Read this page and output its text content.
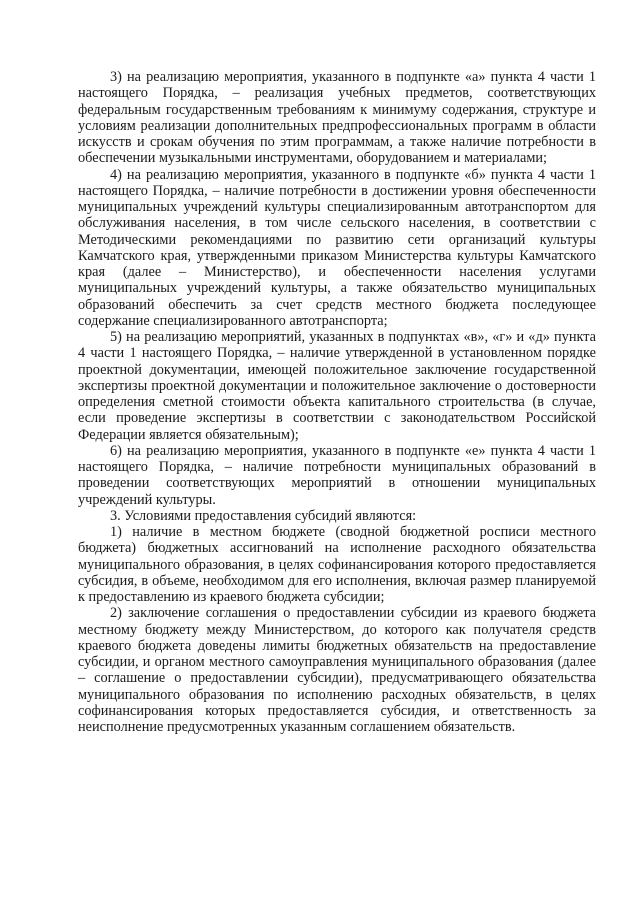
3) на реализацию мероприятия, указанного в подпункте «а» пункта 4 части 1 настоящего Порядка, – реализация учебных предметов, соответствующих федеральным государственным требованиям к минимуму содержания, структуре и условиям реализации дополнительных предпрофессиональных программ в области искусств и срокам обучения по этим программам, а также наличие потребности в обеспечении музыкальными инструментами, оборудованием и материалами;

4) на реализацию мероприятия, указанного в подпункте «б» пункта 4 части 1 настоящего Порядка, – наличие потребности в достижении уровня обеспеченности муниципальных учреждений культуры специализированным автотранспортом для обслуживания населения, в том числе сельского населения, в соответствии с Методическими рекомендациями по развитию сети организаций культуры Камчатского края, утвержденными приказом Министерства культуры Камчатского края (далее – Министерство), и обеспеченности населения услугами муниципальных учреждений культуры, а также обязательство муниципальных образований обеспечить за счет средств местного бюджета последующее содержание специализированного автотранспорта;

5) на реализацию мероприятий, указанных в подпунктах «в», «г» и «д» пункта 4 части 1 настоящего Порядка, – наличие утвержденной в установленном порядке проектной документации, имеющей положительное заключение государственной экспертизы проектной документации и положительное заключение о достоверности определения сметной стоимости объекта капитального строительства (в случае, если проведение экспертизы в соответствии с законодательством Российской Федерации является обязательным);

6) на реализацию мероприятия, указанного в подпункте «е» пункта 4 части 1 настоящего Порядка, – наличие потребности муниципальных образований в проведении соответствующих мероприятий в отношении муниципальных учреждений культуры.

3. Условиями предоставления субсидий являются:

1) наличие в местном бюджете (сводной бюджетной росписи местного бюджета) бюджетных ассигнований на исполнение расходного обязательства муниципального образования, в целях софинансирования которого предоставляется субсидия, в объеме, необходимом для его исполнения, включая размер планируемой к предоставлению из краевого бюджета субсидии;

2) заключение соглашения о предоставлении субсидии из краевого бюджета местному бюджету между Министерством, до которого как получателя средств краевого бюджета доведены лимиты бюджетных обязательств на предоставление субсидии, и органом местного самоуправления муниципального образования (далее – соглашение о предоставлении субсидии), предусматривающего обязательства муниципального образования по исполнению расходных обязательств, в целях софинансирования которых предоставляется субсидия, и ответственность за неисполнение предусмотренных указанным соглашением обязательств.
